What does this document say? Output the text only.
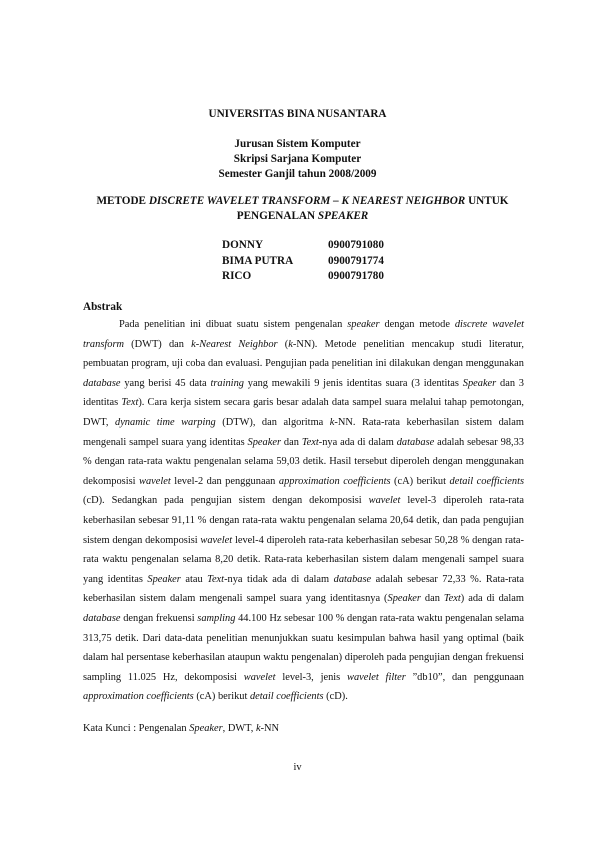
UNIVERSITAS BINA NUSANTARA
Jurusan Sistem Komputer
Skripsi Sarjana Komputer
Semester Ganjil tahun 2008/2009
METODE DISCRETE WAVELET TRANSFORM – K NEAREST NEIGHBOR UNTUK PENGENALAN SPEAKER
DONNY	0900791080
BIMA PUTRA	0900791774
RICO	0900791780
Abstrak

Pada penelitian ini dibuat suatu sistem pengenalan speaker dengan metode discrete wavelet transform (DWT) dan k-Nearest Neighbor (k-NN). Metode penelitian mencakup studi literatur, pembuatan program, uji coba dan evaluasi. Pengujian pada penelitian ini dilakukan dengan menggunakan database yang berisi 45 data training yang mewakili 9 jenis identitas suara (3 identitas Speaker dan 3 identitas Text). Cara kerja sistem secara garis besar adalah data sampel suara melalui tahap pemotongan, DWT, dynamic time warping (DTW), dan algoritma k-NN. Rata-rata keberhasilan sistem dalam mengenali sampel suara yang identitas Speaker dan Text-nya ada di dalam database adalah sebesar 98,33 % dengan rata-rata waktu pengenalan selama 59,03 detik. Hasil tersebut diperoleh dengan menggunakan dekomposisi wavelet level-2 dan penggunaan approximation coefficients (cA) berikut detail coefficients (cD). Sedangkan pada pengujian sistem dengan dekomposisi wavelet level-3 diperoleh rata-rata keberhasilan sebesar 91,11 % dengan rata-rata waktu pengenalan selama 20,64 detik, dan pada pengujian sistem dengan dekomposisi wavelet level-4 diperoleh rata-rata keberhasilan sebesar 50,28 % dengan rata-rata waktu pengenalan selama 8,20 detik. Rata-rata keberhasilan sistem dalam mengenali sampel suara yang identitas Speaker atau Text-nya tidak ada di dalam database adalah sebesar 72,33 %. Rata-rata keberhasilan sistem dalam mengenali sampel suara yang identitasnya (Speaker dan Text) ada di dalam database dengan frekuensi sampling 44.100 Hz sebesar 100 % dengan rata-rata waktu pengenalan selama 313,75 detik. Dari data-data penelitian menunjukkan suatu kesimpulan bahwa hasil yang optimal (baik dalam hal persentase keberhasilan ataupun waktu pengenalan) diperoleh pada pengujian dengan frekuensi sampling 11.025 Hz, dekomposisi wavelet level-3, jenis wavelet filter ”db10”, dan penggunaan approximation coefficients (cA) berikut detail coefficients (cD).

Kata Kunci : Pengenalan Speaker, DWT, k-NN
iv
